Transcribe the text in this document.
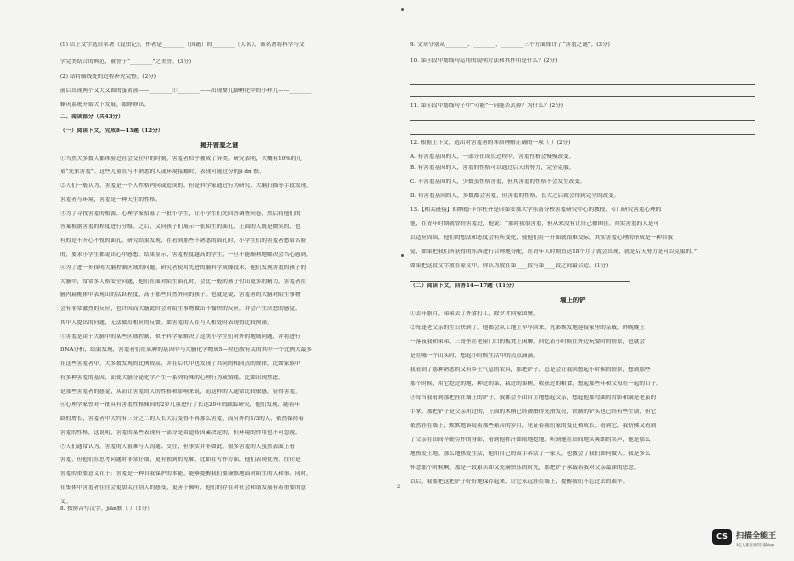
(1) 以上文字选自名著《昆虫记》，作者是________（国籍）的________（人名），该名著将科学与文
学完美结合的典范，被誉于“________”之美誉。(3分)
(2) 请将横线处的过程补充完整。(2分)
前后出现两个又大又圆的蛋黄液——________①________——出现婴儿脚孵化中的小样儿——________
蜂巩系统开始大下发展，眼睁睁出。
二、阅读部分（共43分）
（一）阅读下文，完成8—13题（12分）
揭开害羞之谜
①当然大多数人都体验过社会交往中的时刻，害羞者似乎被成了异类。研究表明，大概有10%的儿
童“先来害羞”。这些儿童在与不熟悉的人或环境接触时，表现可能过分的jǐ dn 慎。
②人们一般认为，害羞是一个人性格内向或造成的，但是科学家通过行为研究、大脑扫描等手段发现，
害羞者与环境，害羞是一种天生的性格。
③为了寻找害羞的根源，心理学家招募了一批小学生，让小学生们先回答调查问卷，然后将他们的
答案根据害羞的程度进行分级。之后，又向孩子们展示一张陌生的面孔，上面的人既是微笑的，也
有的是不开心不悦的面孔。研究结果发现，在看到那些不熟悉的面孔时，小学生们的害羞者愁眉苦脸
的，要求小学生都说出心中感想。结果显示，害羞程度越高的学生，一旦不能顺利地解决会当心感到。
④为了进一步探明大脑控制区域的问题，研究者使用先进的脑科学成像技术，他们发现害羞的孩子的
大脑中，常常多人格安全问题，他们在面对陌生面孔时，会比一般的孩子付出更多的精力，害羞者在
脑内扁桃体中表现出的活跃程度，高于那些自然外向的孩子。也就是说，害羞者的大脑对陌生事物
会有非常激烈的反应，也许因而大脑此时会对陌生事物做出不愉快的反应，并会产生厌恶的感觉。
其中人提出的问题，无法做出相应的反馈。如害羞的人在与人相处时表现得比较拘谨。
⑤害羞是由于大脑中的某些区域控制，似乎科学家解决了这类小学生们对外的地域问题，并将进行
DNA分析，结果发现，害羞者们在某种的基因中与大脑化学物质5—羟色胺有关的其中一个比例大最多
在这些害羞者中，大多数发现的比例较高，并在后代中也发现了共同的相同点的规律，比如家族中
有多种害羞的基因，而使大脑分泌化学产生一系列特殊的心理行为或情绪，比如出现焦虑，
是那些害羞者的感觉，从而让害羞的人的性格和影响来说，而这样的人通常比较敏感，显得害羞。
⑥心理学家曾对一批具有害羞性格倾向的2岁儿童进行了长达20年的跟踪研究，他们发现，随着年
龄的增长，害羞者中大约有三分之二的人长大后变得不再那么害羞，而另外约1/3的人，依然保持着
害羞的性格，这说明，害羞的某些表现有一部分是由遗传因素决定的，但环境的作用也不可忽视。
⑦人们通常认为，害羞的人很难与人沟通、交往，但事实并非如此。很多害羞的人虽然表面上看
害羞，但他们在思考问题时非常仔细，更有独到的见解。比如在写作方面，他们表现优秀，往往是
害羞的重要意义在于：害羞是一种自我保护的本能，能够提醒我们要谨慎地面对陌生的人和事。同时，
在集体中害羞者往往会更加关注别人的感受，更善于倾听，他们的存在对社会和谐发展有着重要的意
义。
8. 按拼音写汉字。jǐān默（ ）（1分）
9. 文章分别从________、________、________三个方面探讨了“害羞之谜”。(3分)
10. 第④段中划线句运用的说明方法和其作用是什么？(2分)
11. 第⑥段中划线句子中“可能”一词能否去掉？为什么？(2分)
12. 根据上下文，选出对害羞者的本质理解正确的一项（ ）(2分)
A. 有害羞基因的人，一部分在成长过程中，害羞性格会慢慢改变。
B. 有害羞基因的人，害羞的性格可以通过后天的努力，完全克服。
C. 不害羞基因的人，少数虽性格害羞，但其害羞的性格不会发生改变。
D. 有害羞基因的人，多数都会害羞，但害羞的性格，长大之后就会得到完全的改变。
13.【相关链接】伯纳德·卡尔杜齐是印第安那大学东南分校害羞研究中心的教授，专门研究害羞心理的
他，在青年时期就曾经害羞过，他说：“那时我很害羞，但从来没有让自己被困住。其实害羞的人是可
以适应周围，他们的想法和态度会有所变化，使他们在一开始就很难交际，其实害羞心理的形成是一种自我
觉，如果把我们所获得的东西进行合理地分配，在青年人时期直达18个月了就会出现，就是后天努力是可以克服的。”
如果把这段文字放在原文中，你认为放在第____段与第____段之间最合适。(1分)
（二）阅读下文，回答14—17题（11分）
墙上的铲
①去年腊月，弟弟去了外省打工，除夕才回家团聚。
②每逢老父亲的生日快到了，他都会从工地上早早回来，光彩焕发地迎接家里的亲戚。昨晚晚上
一落夜我和弟弟，三哥坐在老屋门口的板凳上闲聊，回忆着小时候在外边玩耍时的情景，也就会
是在哪一个山头时，想起小时候生活中的点点滴滴。
我看到了那种熟悉的又有乡土气息的农具，那把铲子，总是会让我回想起小时候的情景，想到那些
那个时候，用它挖过的地，种过的菜，栽过的果树，收获过的粮食，想起那些年和父母在一起的日子。
③每当我看到那把挂在墙上的铲子，我都会不由自主地想起父亲，想起他那弯曲的背影和满是老茧的
手掌。那把铲子是父亲用过的，上面的木柄已经被磨得光滑发亮，铁制的铲头也已经有些生锈，但它
依然挂在墙上，默默地诉说着那些艰苦的岁月，见证着我们家的变迁和成长。看到它，我仿佛又看到
了父亲在田间辛勤劳作的身影，看到他挥汗如雨地挖地，听到他在田间地头爽朗的笑声，他是那么
地热爱土地，那么地热爱生活，他用自己的双手养活了一家人，也教会了我们如何做人。我是多么
怀念那个时候啊，那是一段艰苦却又充满快乐的时光，那把铲子承载着我对父亲最深的思念。
以后，我要把这把铲子好好地保存起来，让它永远挂在墙上，提醒我们不忘过去的艰辛。
2
CS	扫描全能王
3亿人都在用的扫描App
